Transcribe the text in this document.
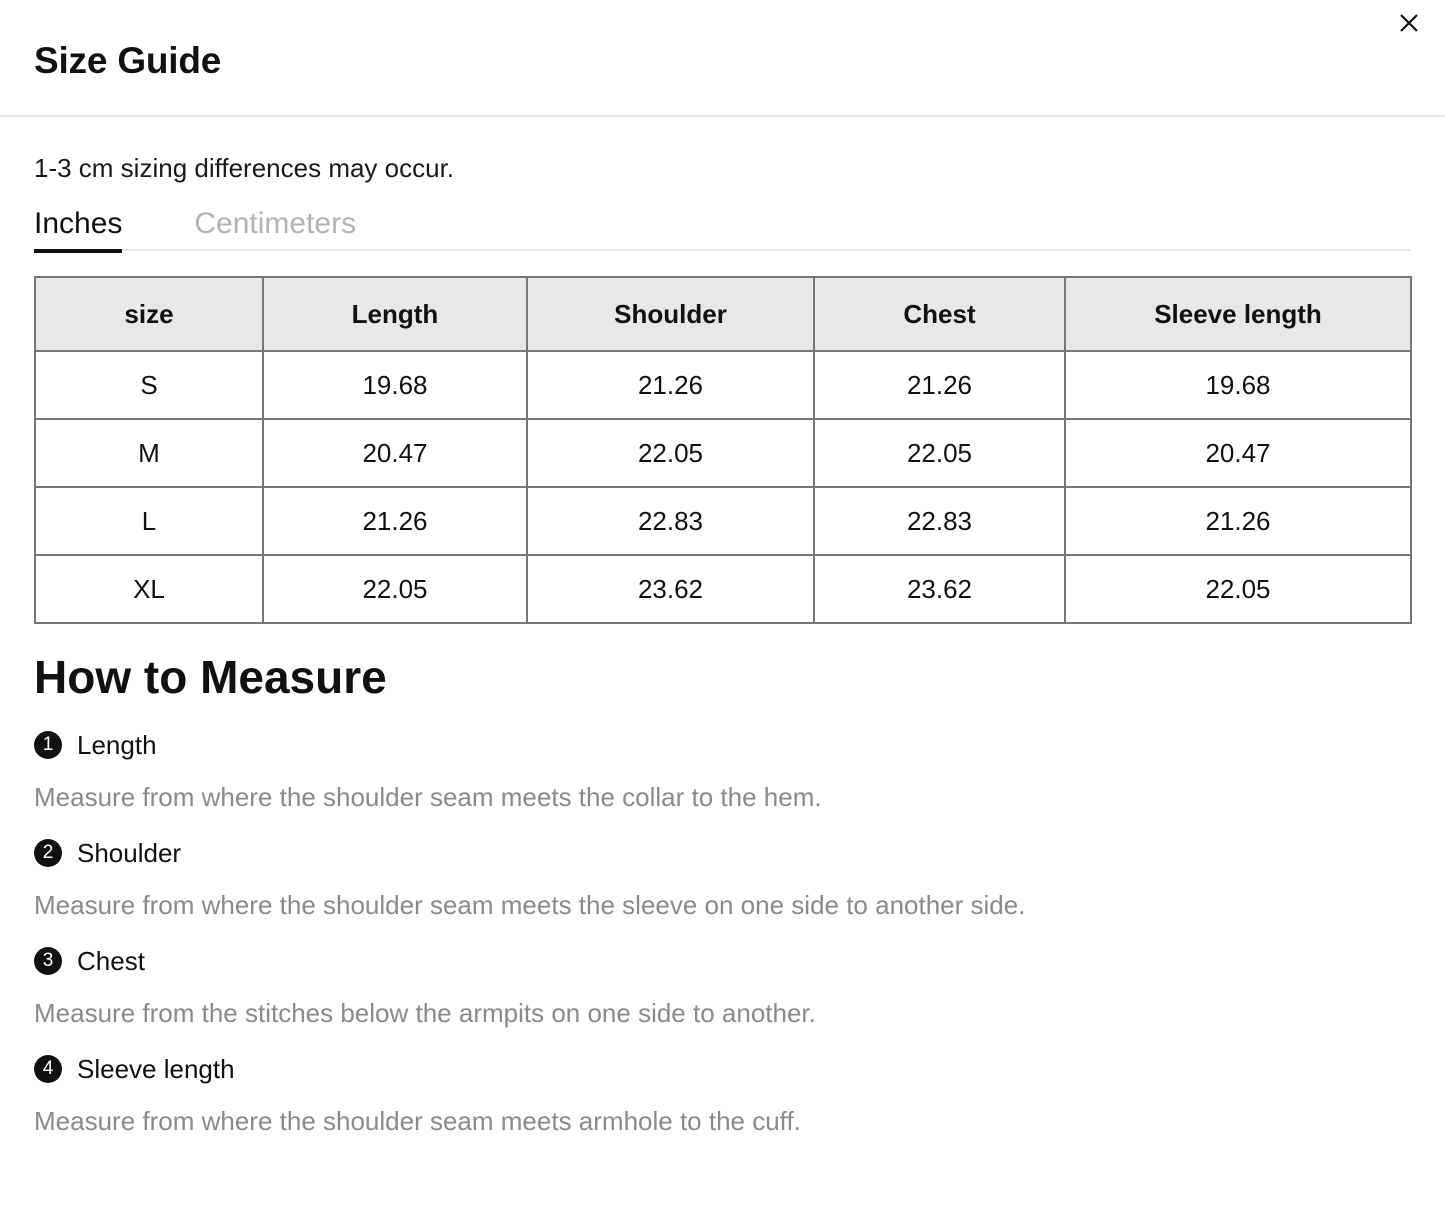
Size Guide
1-3 cm sizing differences may occur.
Inches Centimeters
size	Length	Shoulder	Chest	Sleeve length
S	19.68	21.26	21.26	19.68
M	20.47	22.05	22.05	20.47
L	21.26	22.83	22.83	21.26
XL	22.05	23.62	23.62	22.05
How to Measure
1 Length
Measure from where the shoulder seam meets the collar to the hem.
2 Shoulder
Measure from where the shoulder seam meets the sleeve on one side to another side.
3 Chest
Measure from the stitches below the armpits on one side to another.
4 Sleeve length
Measure from where the shoulder seam meets armhole to the cuff.
